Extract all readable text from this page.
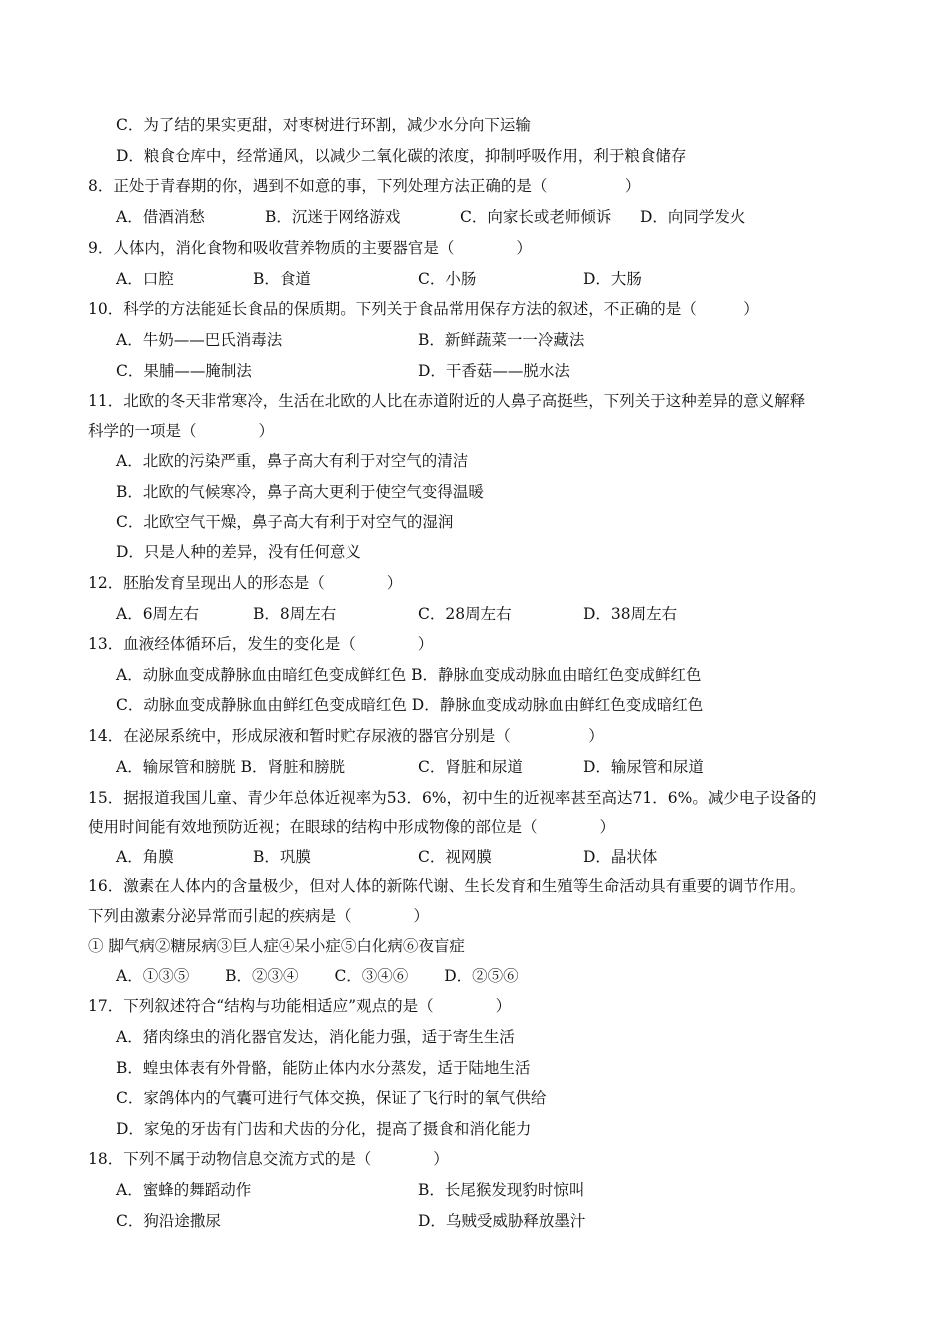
C．为了结的果实更甜，对枣树进行环割，减少水分向下运输
D．粮食仓库中，经常通风，以减少二氧化碳的浓度，抑制呼吸作用，利于粮食储存
8．正处于青春期的你，遇到不如意的事，下列处理方法正确的是（　　　　　）
A．借酒消愁	B．沉迷于网络游戏	C．向家长或老师倾诉 D．向同学发火
9．人体内，消化食物和吸收营养物质的主要器官是（　　　　）
A．口腔	B．食道	C．小肠	D．大肠
10．科学的方法能延长食品的保质期。下列关于食品常用保存方法的叙述，不正确的是（　　　）
A．牛奶——巴氏消毒法	B．新鲜蔬菜一一冷藏法
C．果脯——腌制法	D．干香菇——脱水法
11．北欧的冬天非常寒冷，生活在北欧的人比在赤道附近的人鼻子高挺些，下列关于这种差异的意义解释
科学的一项是（　　　　）
A．北欧的污染严重，鼻子高大有利于对空气的清洁
B．北欧的气候寒冷，鼻子高大更利于使空气变得温暖
C．北欧空气干燥，鼻子高大有利于对空气的湿润
D．只是人种的差异，没有任何意义
12．胚胎发育呈现出人的形态是（　　　　）
A．6周左右	B．8周左右	C．28周左右	D．38周左右
13．血液经体循环后，发生的变化是（　　　　）
A．动脉血变成静脉血由暗红色变成鲜红色 B．静脉血变成动脉血由暗红色变成鲜红色
C．动脉血变成静脉血由鲜红色变成暗红色 D．静脉血变成动脉血由鲜红色变成暗红色
14．在泌尿系统中，形成尿液和暂时贮存尿液的器官分别是（　　　　　）
A．输尿管和膀胱 B．肾脏和膀胱	C．肾脏和尿道	D．输尿管和尿道
15．据报道我国儿童、青少年总体近视率为53．6%，初中生的近视率甚至高达71．6%。减少电子设备的
使用时间能有效地预防近视；在眼球的结构中形成物像的部位是（　　　　）
A．角膜	B．巩膜	C．视网膜	D．晶状体
16．激素在人体内的含量极少，但对人体的新陈代谢、生长发育和生殖等生命活动具有重要的调节作用。
下列由激素分泌异常而引起的疾病是（　　　　）
① 脚气病②糖尿病③巨人症④呆小症⑤白化病⑥夜盲症
A．①③⑤　　 B．②③④　　 C．③④⑥　　 D．②⑤⑥
17．下列叙述符合“结构与功能相适应”观点的是（　　　　）
A．猪肉绦虫的消化器官发达，消化能力强，适于寄生生活
B．蝗虫体表有外骨骼，能防止体内水分蒸发，适于陆地生活
C．家鸽体内的气囊可进行气体交换，保证了飞行时的氧气供给
D．家兔的牙齿有门齿和犬齿的分化，提高了摄食和消化能力
18．下列不属于动物信息交流方式的是（　　　　）
A．蜜蜂的舞蹈动作	B．长尾猴发现豹时惊叫
C．狗沿途撒尿	D．乌贼受威胁释放墨汁
